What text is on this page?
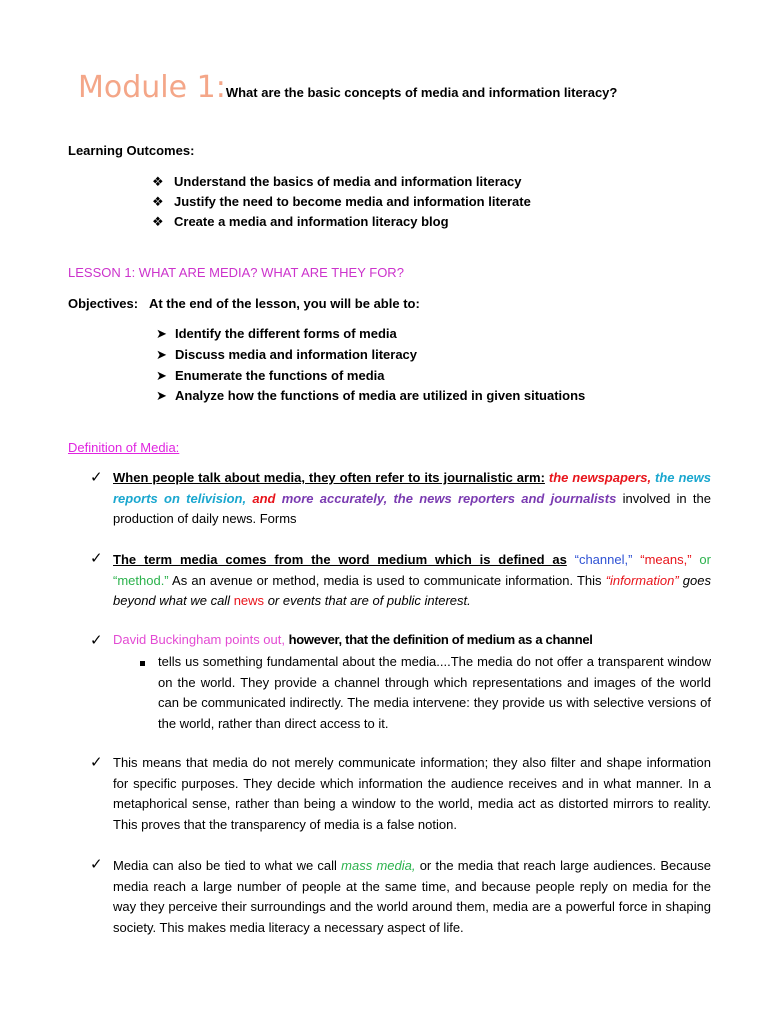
Module 1:What are the basic concepts of media and information literacy?
Learning Outcomes:
❖ Understand the basics of media and information literacy
❖ Justify the need to become media and information literate
❖ Create a media and information literacy blog
LESSON 1: WHAT ARE MEDIA? WHAT ARE THEY FOR?
Objectives: At the end of the lesson, you will be able to:
➤ Identify the different forms of media
➤ Discuss media and information literacy
➤ Enumerate the functions of media
➤ Analyze how the functions of media are utilized in given situations
Definition of Media:
✓ When people talk about media, they often refer to its journalistic arm: the newspapers, the news reports on telivision, and more accurately, the news reporters and journalists involved in the production of daily news. Forms

✓ The term media comes from the word medium which is defined as “channel,” “means,” or “method.” As an avenue or method, media is used to communicate information. This “information” goes beyond what we call news or events that are of public interest.

✓ David Buckingham points out, however, that the definition of medium as a channel
tells us something fundamental about the media....The media do not offer a transparent window on the world. They provide a channel through which representations and images of the world can be communicated indirectly. The media intervene: they provide us with selective versions of the world, rather than direct access to it.
✓ This means that media do not merely communicate information; they also filter and shape information for specific purposes. They decide which information the audience receives and in what manner. In a metaphorical sense, rather than being a window to the world, media act as distorted mirrors to reality. This proves that the transparency of media is a false notion.
✓ Media can also be tied to what we call mass media, or the media that reach large audiences. Because media reach a large number of people at the same time, and because people reply on media for the way they perceive their surroundings and the world around them, media are a powerful force in shaping society. This makes media literacy a necessary aspect of life.
